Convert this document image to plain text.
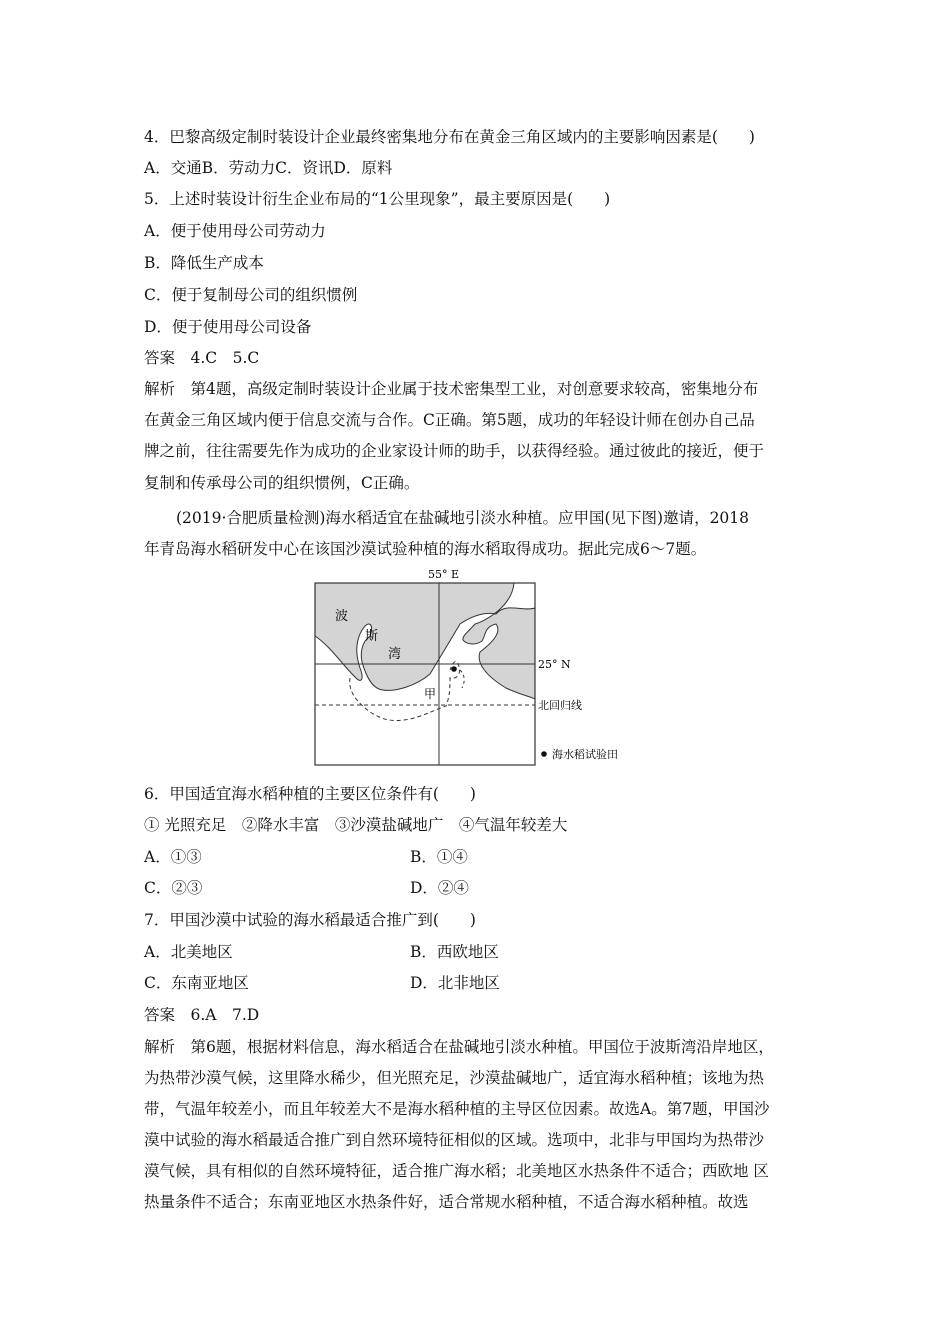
4．巴黎高级定制时装设计企业最终密集地分布在黄金三角区域内的主要影响因素是(　　)
A．交通B．劳动力C．资讯D．原料
5．上述时装设计衍生企业布局的“1公里现象”，最主要原因是(　　)
A．便于使用母公司劳动力
B．降低生产成本
C．便于复制母公司的组织惯例
D．便于使用母公司设备
答案　4.C　5.C
解析　第4题，高级定制时装设计企业属于技术密集型工业，对创意要求较高，密集地分布
在黄金三角区域内便于信息交流与合作。C正确。第5题，成功的年轻设计师在创办自己品
牌之前，往往需要先作为成功的企业家设计师的助手，以获得经验。通过彼此的接近，便于
复制和传承母公司的组织惯例，C正确。
(2019·合肥质量检测)海水稻适宜在盐碱地引淡水种植。应甲国(见下图)邀请，2018
年青岛海水稻研发中心在该国沙漠试验种植的海水稻取得成功。据此完成6～7题。
55° E
25° N
北回归线
波
斯
湾
甲
海水稻试验田
6．甲国适宜海水稻种植的主要区位条件有(　　)
① 光照充足　②降水丰富　③沙漠盐碱地广　④气温年较差大
A．①③	B．①④
C．②③	D．②④
7．甲国沙漠中试验的海水稻最适合推广到(　　)
A．北美地区	B．西欧地区
C．东南亚地区	D．北非地区
答案　6.A　7.D
解析　第6题，根据材料信息，海水稻适合在盐碱地引淡水种植。甲国位于波斯湾沿岸地区，
为热带沙漠气候，这里降水稀少，但光照充足，沙漠盐碱地广，适宜海水稻种植；该地为热
带，气温年较差小，而且年较差大不是海水稻种植的主导区位因素。故选A。第7题，甲国沙
漠中试验的海水稻最适合推广到自然环境特征相似的区域。选项中，北非与甲国均为热带沙
漠气候，具有相似的自然环境特征，适合推广海水稻；北美地区水热条件不适合；西欧地 区
热量条件不适合；东南亚地区水热条件好，适合常规水稻种植，不适合海水稻种植。故选
